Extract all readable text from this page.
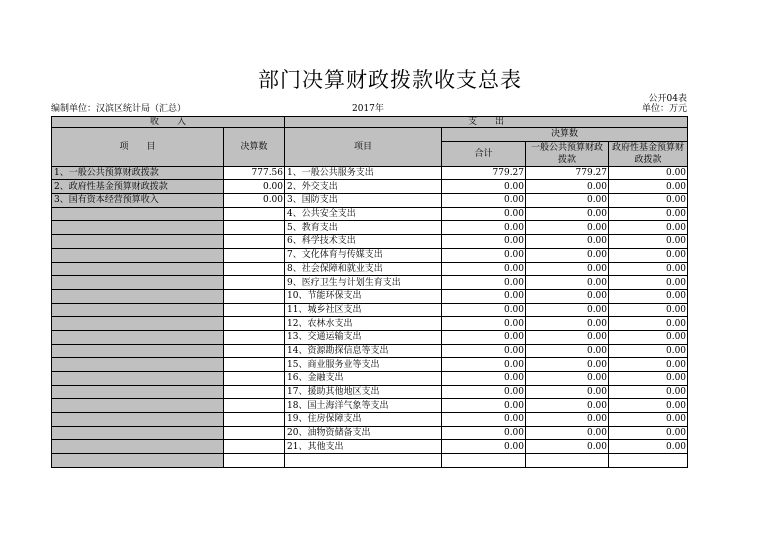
部门决算财政拨款收支总表
公开04表
编制单位：汉滨区统计局（汇总）	2017年	单位：万元
收　　入		支　　出			
项　　目	决算数	项目	决算数		
			合计	一般公共预算财政拨款	政府性基金预算财政拨款
1、一般公共预算财政拨款	777.56	1、一般公共服务支出	779.27	779.27	0.00
2、政府性基金预算财政拨款	0.00	2、外交支出	0.00	0.00	0.00
3、国有资本经营预算收入	0.00	3、国防支出	0.00	0.00	0.00
		4、公共安全支出	0.00	0.00	0.00
		5、教育支出	0.00	0.00	0.00
		6、科学技术支出	0.00	0.00	0.00
		7、文化体育与传媒支出	0.00	0.00	0.00
		8、社会保障和就业支出	0.00	0.00	0.00
		9、医疗卫生与计划生育支出	0.00	0.00	0.00
		10、节能环保支出	0.00	0.00	0.00
		11、城乡社区支出	0.00	0.00	0.00
		12、农林水支出	0.00	0.00	0.00
		13、交通运输支出	0.00	0.00	0.00
		14、资源勘探信息等支出	0.00	0.00	0.00
		15、商业服务业等支出	0.00	0.00	0.00
		16、金融支出	0.00	0.00	0.00
		17、援助其他地区支出	0.00	0.00	0.00
		18、国土海洋气象等支出	0.00	0.00	0.00
		19、住房保障支出	0.00	0.00	0.00
		20、油物资储备支出	0.00	0.00	0.00
		21、其他支出	0.00	0.00	0.00
